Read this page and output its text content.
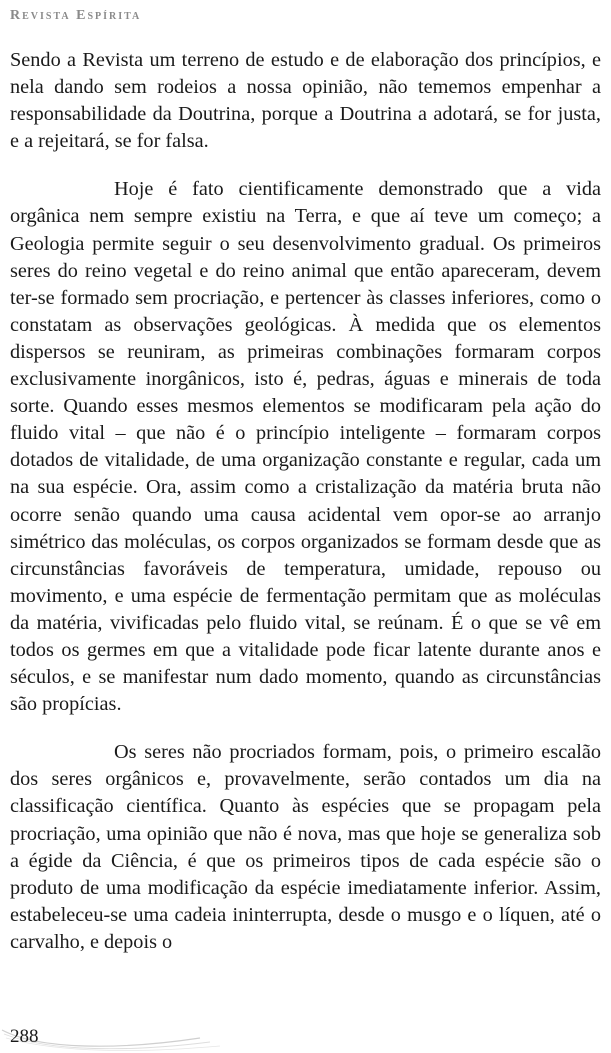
Revista Espírita

Sendo a Revista um terreno de estudo e de elaboração dos princípios, e nela dando sem rodeios a nossa opinião, não tememos empenhar a responsabilidade da Doutrina, porque a Doutrina a adotará, se for justa, e a rejeitará, se for falsa.

Hoje é fato cientificamente demonstrado que a vida orgânica nem sempre existiu na Terra, e que aí teve um começo; a Geologia permite seguir o seu desenvolvimento gradual. Os primeiros seres do reino vegetal e do reino animal que então apareceram, devem ter-se formado sem procriação, e pertencer às classes inferiores, como o constatam as observações geológicas. À medida que os elementos dispersos se reuniram, as primeiras combinações formaram corpos exclusivamente inorgânicos, isto é, pedras, águas e minerais de toda sorte. Quando esses mesmos elementos se modificaram pela ação do fluido vital – que não é o princípio inteligente – formaram corpos dotados de vitalidade, de uma organização constante e regular, cada um na sua espécie. Ora, assim como a cristalização da matéria bruta não ocorre senão quando uma causa acidental vem opor-se ao arranjo simétrico das moléculas, os corpos organizados se formam desde que as circunstâncias favoráveis de temperatura, umidade, repouso ou movimento, e uma espécie de fermentação permitam que as moléculas da matéria, vivificadas pelo fluido vital, se reúnam. É o que se vê em todos os germes em que a vitalidade pode ficar latente durante anos e séculos, e se manifestar num dado momento, quando as circunstâncias são propícias.

Os seres não procriados formam, pois, o primeiro escalão dos seres orgânicos e, provavelmente, serão contados um dia na classificação científica. Quanto às espécies que se propagam pela procriação, uma opinião que não é nova, mas que hoje se generaliza sob a égide da Ciência, é que os primeiros tipos de cada espécie são o produto de uma modificação da espécie imediatamente inferior. Assim, estabeleceu-se uma cadeia ininterrupta, desde o musgo e o líquen, até o carvalho, e depois o

288
